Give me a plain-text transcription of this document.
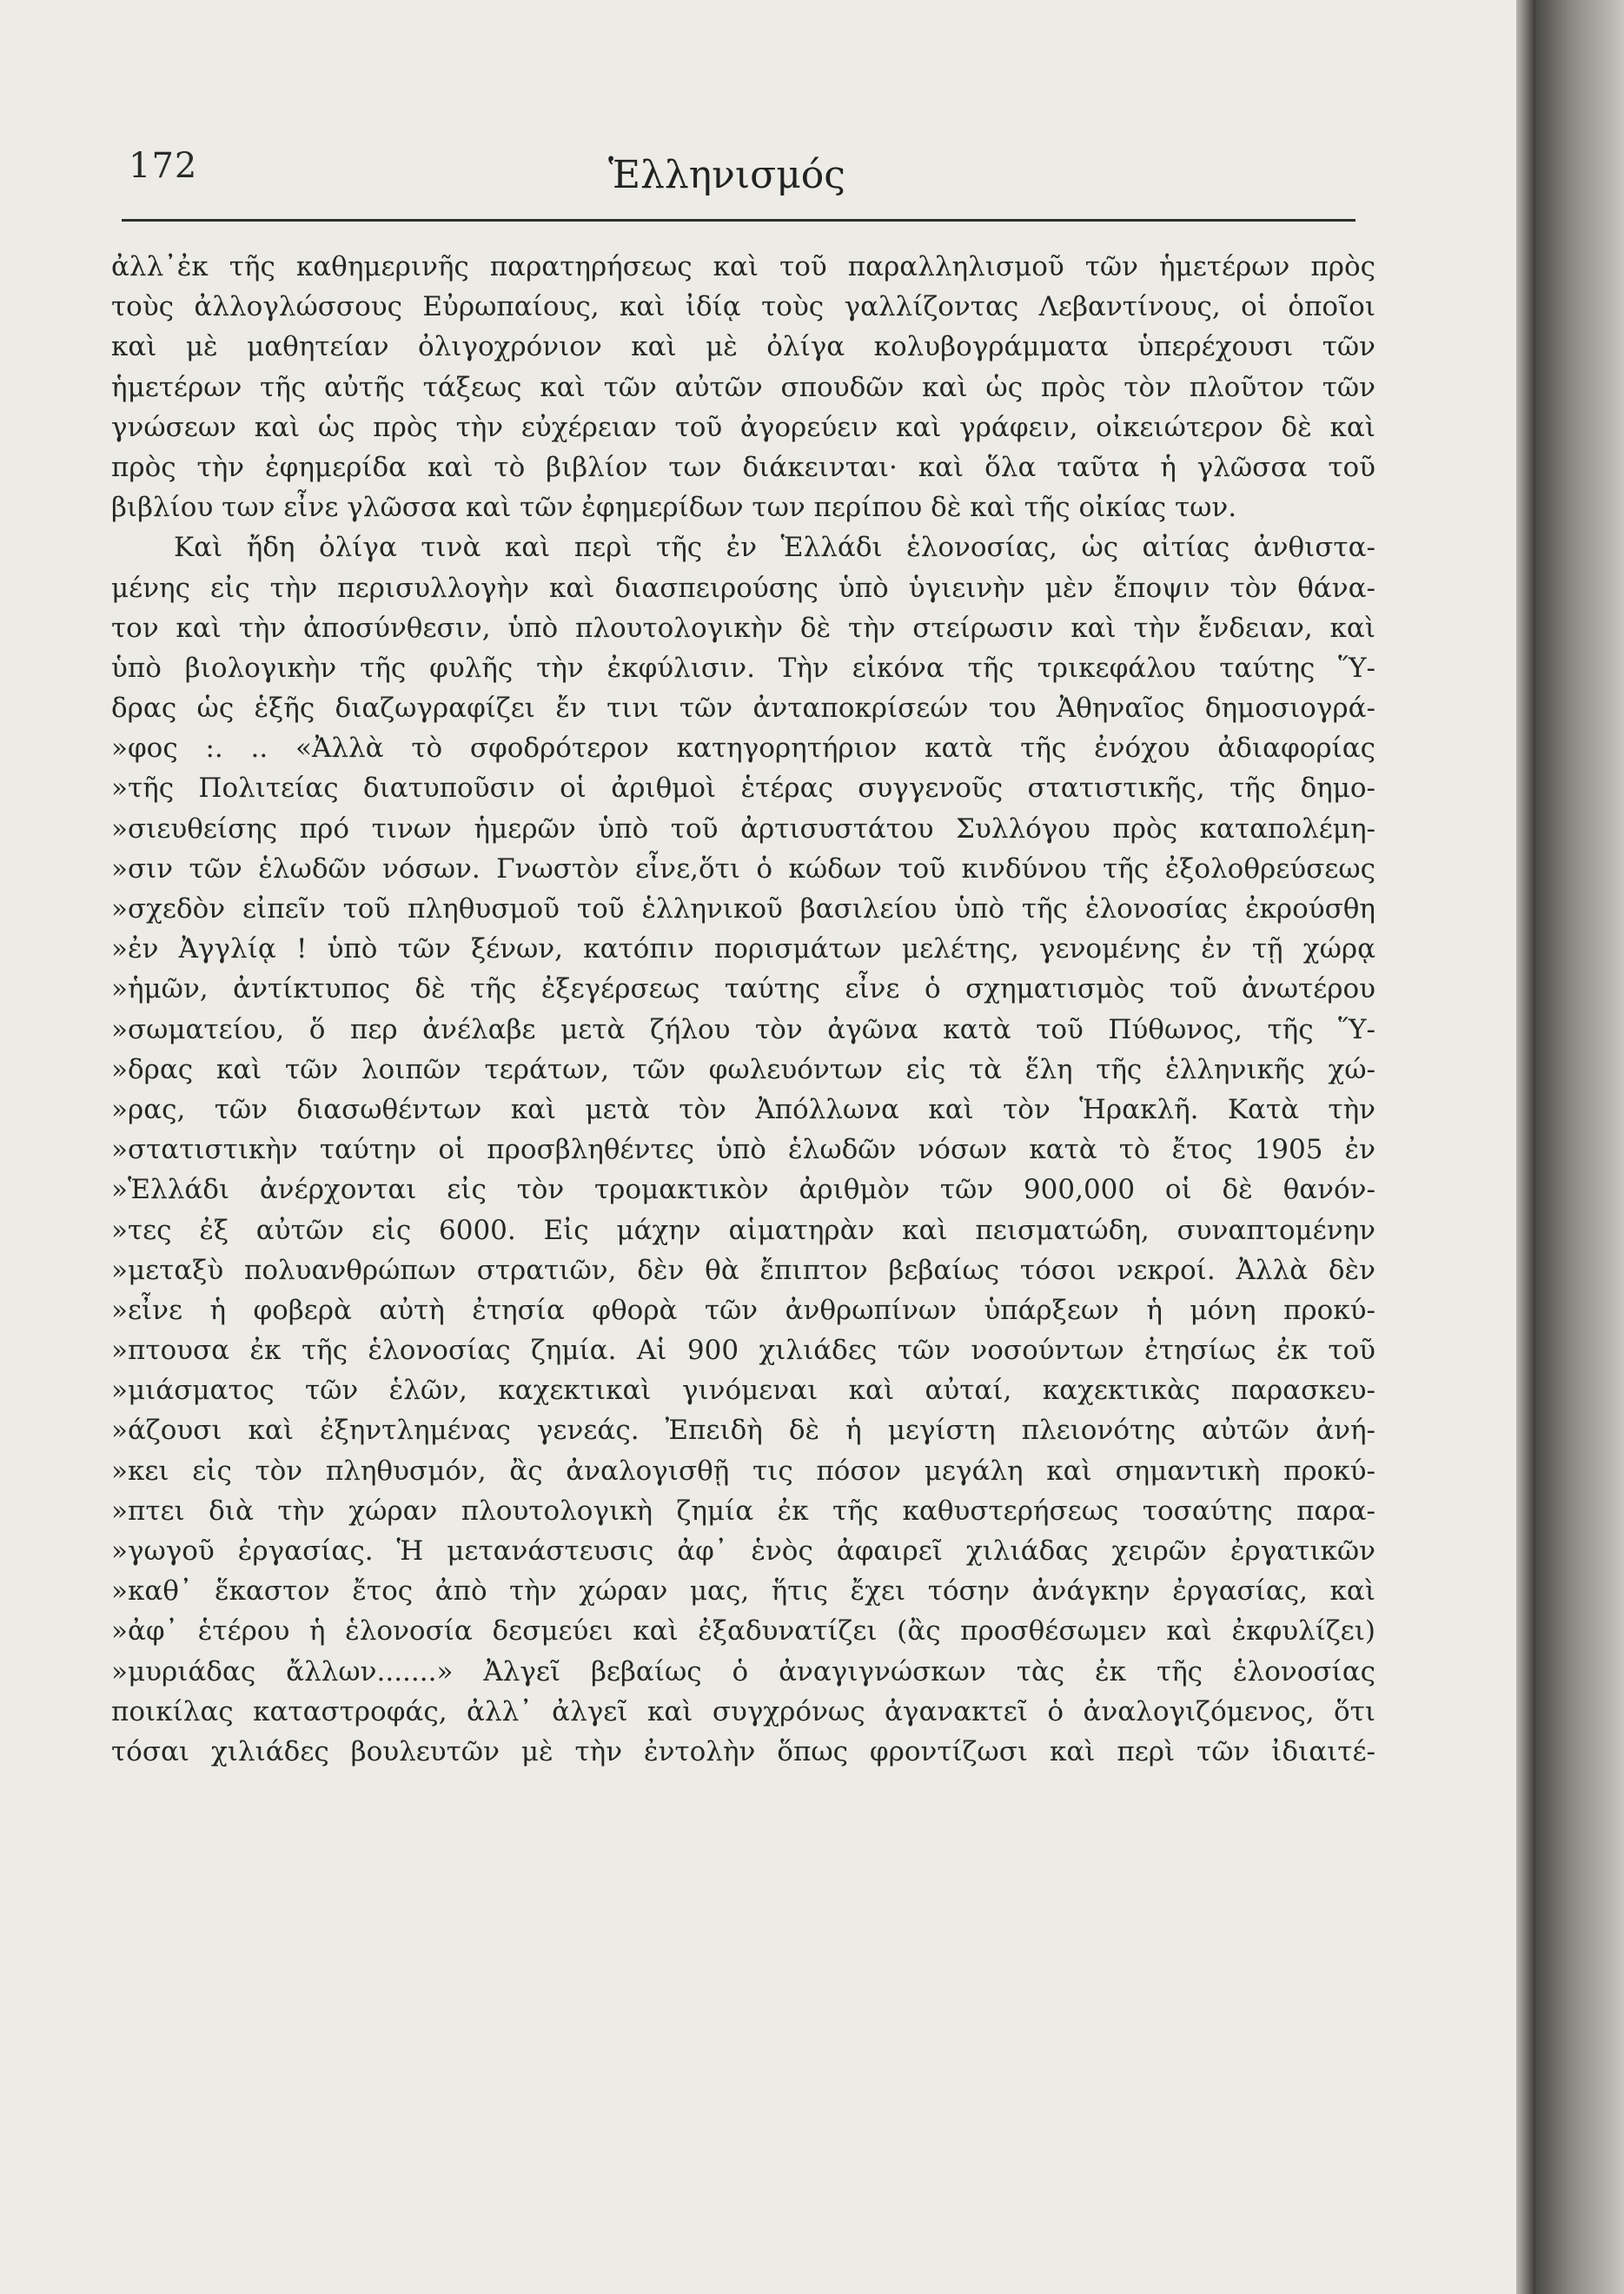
172	Ἑλληνισμός
ἀλλ᾿ἐκ τῆς καθημερινῆς παρατηρήσεως καὶ τοῦ παραλληλισμοῦ τῶν ἡμετέρων πρὸς
τοὺς ἀλλογλώσσους Εὐρωπαίους, καὶ ἰδίᾳ τοὺς γαλλίζοντας Λεβαντίνους, οἱ ὁποῖοι
καὶ μὲ μαθητείαν ὀλιγοχρόνιον καὶ μὲ ὀλίγα κολυβογράμματα ὑπερέχουσι τῶν
ἡμετέρων τῆς αὐτῆς τάξεως καὶ τῶν αὐτῶν σπουδῶν καὶ ὡς πρὸς τὸν πλοῦτον τῶν
γνώσεων καὶ ὡς πρὸς τὴν εὐχέρειαν τοῦ ἀγορεύειν καὶ γράφειν, οἰκειώτερον δὲ καὶ
πρὸς τὴν ἐφημερίδα καὶ τὸ βιβλίον των διάκεινται· καὶ ὅλα ταῦτα ἡ γλῶσσα τοῦ
βιβλίου των εἶνε γλῶσσα καὶ τῶν ἐφημερίδων των περίπου δὲ καὶ τῆς οἰκίας των.
Καὶ ἤδη ὀλίγα τινὰ καὶ περὶ τῆς ἐν Ἑλλάδι ἑλονοσίας, ὡς αἰτίας ἀνθιστα-
μένης εἰς τὴν περισυλλογὴν καὶ διασπειρούσης ὑπὸ ὑγιεινὴν μὲν ἔποψιν τὸν θάνα-
τον καὶ τὴν ἀποσύνθεσιν, ὑπὸ πλουτολογικὴν δὲ τὴν στείρωσιν καὶ τὴν ἔνδειαν, καὶ
ὑπὸ βιολογικὴν τῆς φυλῆς τὴν ἐκφύλισιν. Τὴν εἰκόνα τῆς τρικεφάλου ταύτης Ὕ-
δρας ὡς ἑξῆς διαζωγραφίζει ἔν τινι τῶν ἀνταποκρίσεών του Ἀθηναῖος δημοσιογρά-
»φος :. .. «Ἀλλὰ τὸ σφοδρότερον κατηγορητήριον κατὰ τῆς ἐνόχου ἀδιαφορίας
»τῆς Πολιτείας διατυποῦσιν οἱ ἀριθμοὶ ἑτέρας συγγενοῦς στατιστικῆς, τῆς δημο-
»σιευθείσης πρό τινων ἡμερῶν ὑπὸ τοῦ ἀρτισυστάτου Συλλόγου πρὸς καταπολέμη-
»σιν τῶν ἑλωδῶν νόσων. Γνωστὸν εἶνε,ὅτι ὁ κώδων τοῦ κινδύνου τῆς ἐξολοθρεύσεως
»σχεδὸν εἰπεῖν τοῦ πληθυσμοῦ τοῦ ἑλληνικοῦ βασιλείου ὑπὸ τῆς ἑλονοσίας ἐκρούσθη
»ἐν Ἀγγλίᾳ ! ὑπὸ τῶν ξένων, κατόπιν πορισμάτων μελέτης, γενομένης ἐν τῇ χώρᾳ
»ἡμῶν, ἀντίκτυπος δὲ τῆς ἐξεγέρσεως ταύτης εἶνε ὁ σχηματισμὸς τοῦ ἀνωτέρου
»σωματείου, ὅ περ ἀνέλαβε μετὰ ζήλου τὸν ἀγῶνα κατὰ τοῦ Πύθωνος, τῆς Ὕ-
»δρας καὶ τῶν λοιπῶν τεράτων, τῶν φωλευόντων εἰς τὰ ἕλη τῆς ἑλληνικῆς χώ-
»ρας, τῶν διασωθέντων καὶ μετὰ τὸν Ἀπόλλωνα καὶ τὸν Ἡρακλῆ. Κατὰ τὴν
»στατιστικὴν ταύτην οἱ προσβληθέντες ὑπὸ ἑλωδῶν νόσων κατὰ τὸ ἔτος 1905 ἐν
»Ἑλλάδι ἀνέρχονται εἰς τὸν τρομακτικὸν ἀριθμὸν τῶν 900,000 οἱ δὲ θανόν-
»τες ἐξ αὐτῶν εἰς 6000. Εἰς μάχην αἱματηρὰν καὶ πεισματώδη, συναπτομένην
»μεταξὺ πολυανθρώπων στρατιῶν, δὲν θὰ ἔπιπτον βεβαίως τόσοι νεκροί. Ἀλλὰ δὲν
»εἶνε ἡ φοβερὰ αὐτὴ ἐτησία φθορὰ τῶν ἀνθρωπίνων ὑπάρξεων ἡ μόνη προκύ-
»πτουσα ἐκ τῆς ἑλονοσίας ζημία. Αἱ 900 χιλιάδες τῶν νοσούντων ἐτησίως ἐκ τοῦ
»μιάσματος τῶν ἑλῶν, καχεκτικαὶ γινόμεναι καὶ αὐταί, καχεκτικὰς παρασκευ-
»άζουσι καὶ ἐξηντλημένας γενεάς. Ἐπειδὴ δὲ ἡ μεγίστη πλειονότης αὐτῶν ἀνή-
»κει εἰς τὸν πληθυσμόν, ἂς ἀναλογισθῇ τις πόσον μεγάλη καὶ σημαντικὴ προκύ-
»πτει διὰ τὴν χώραν πλουτολογικὴ ζημία ἐκ τῆς καθυστερήσεως τοσαύτης παρα-
»γωγοῦ ἐργασίας. Ἡ μετανάστευσις ἀφ᾿ ἑνὸς ἀφαιρεῖ χιλιάδας χειρῶν ἐργατικῶν
»καθ᾿ ἕκαστον ἔτος ἀπὸ τὴν χώραν μας, ἥτις ἔχει τόσην ἀνάγκην ἐργασίας, καὶ
»ἀφ᾿ ἑτέρου ἡ ἑλονοσία δεσμεύει καὶ ἐξαδυνατίζει (ἂς προσθέσωμεν καὶ ἐκφυλίζει)
»μυριάδας ἄλλων.......» Ἀλγεῖ βεβαίως ὁ ἀναγιγνώσκων τὰς ἐκ τῆς ἑλονοσίας
ποικίλας καταστροφάς, ἀλλ᾿ ἀλγεῖ καὶ συγχρόνως ἀγανακτεῖ ὁ ἀναλογιζόμενος, ὅτι
τόσαι χιλιάδες βουλευτῶν μὲ τὴν ἐντολὴν ὅπως φροντίζωσι καὶ περὶ τῶν ἰδιαιτέ-
